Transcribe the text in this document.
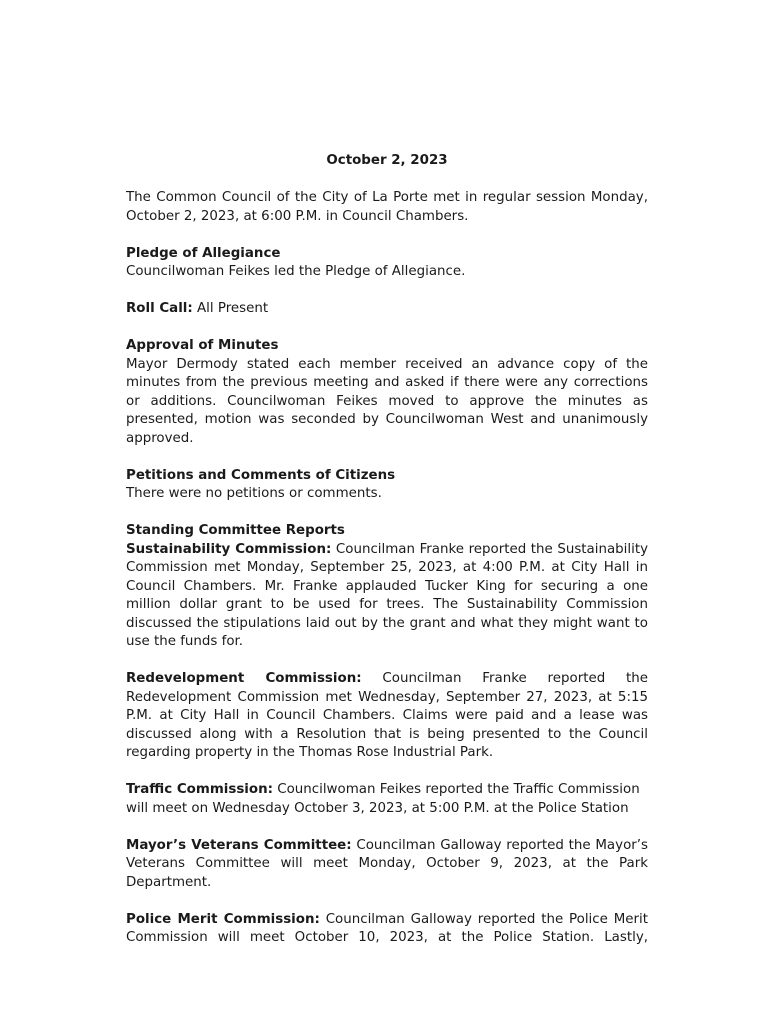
October 2, 2023

The Common Council of the City of La Porte met in regular session Monday, October 2, 2023, at 6:00 P.M. in Council Chambers.

Pledge of Allegiance
Councilwoman Feikes led the Pledge of Allegiance.

Roll Call: All Present

Approval of Minutes
Mayor Dermody stated each member received an advance copy of the minutes from the previous meeting and asked if there were any corrections or additions. Councilwoman Feikes moved to approve the minutes as presented, motion was seconded by Councilwoman West and unanimously approved.

Petitions and Comments of Citizens
There were no petitions or comments.

Standing Committee Reports
Sustainability Commission: Councilman Franke reported the Sustainability Commission met Monday, September 25, 2023, at 4:00 P.M. at City Hall in Council Chambers. Mr. Franke applauded Tucker King for securing a one million dollar grant to be used for trees. The Sustainability Commission discussed the stipulations laid out by the grant and what they might want to use the funds for.

Redevelopment Commission: Councilman Franke reported the Redevelopment Commission met Wednesday, September 27, 2023, at 5:15 P.M. at City Hall in Council Chambers. Claims were paid and a lease was discussed along with a Resolution that is being presented to the Council regarding property in the Thomas Rose Industrial Park.

Traffic Commission: Councilwoman Feikes reported the Traffic Commission will meet on Wednesday October 3, 2023, at 5:00 P.M. at the Police Station

Mayor’s Veterans Committee: Councilman Galloway reported the Mayor’s Veterans Committee will meet Monday, October 9, 2023, at the Park Department.

Police Merit Commission: Councilman Galloway reported the Police Merit Commission will meet October 10, 2023, at the Police Station. Lastly,
